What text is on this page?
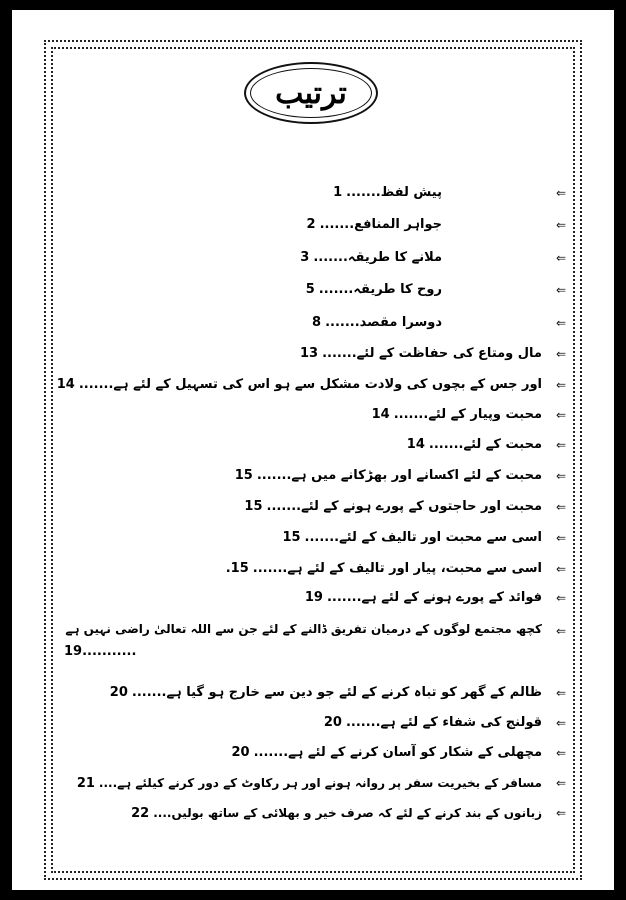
ترتیب
⇐
پیش لفظ.......1
⇐
جواہر المنافع.......2
⇐
ملانے کا طریقہ.......3
⇐
روح کا طریقہ.......5
⇐
دوسرا مقصد.......8
⇐
مال ومتاع کی حفاظت کے لئے.......13
⇐
اور جس کے بچوں کی ولادت مشکل سے ہو اس کی تسہیل کے لئے ہے.......14
⇐
محبت وپیار کے لئے.......14
⇐
محبت کے لئے.......14
⇐
محبت کے لئے اکسانے اور بھڑکانے میں ہے.......15
⇐
محبت اور حاجتوں کے پورے ہونے کے لئے.......15
⇐
اسی سے محبت اور تالیف کے لئے.......15
⇐
اسی سے محبت، پیار اور تالیف کے لئے ہے.......15.
⇐
فوائد کے پورے ہونے کے لئے ہے.......19
⇐
کچھ مجتمع لوگوں کے درمیان تفریق ڈالنے کے لئے جن سے اللہ تعالیٰ راضی نہیں ہے
19...........
⇐
ظالم کے گھر کو تباہ کرنے کے لئے جو دین سے خارج ہو گیا ہے.......20
⇐
قولنج کی شفاء کے لئے ہے.......20
⇐
مچھلی کے شکار کو آسان کرنے کے لئے ہے.......20
⇐
مسافر کے بخیریت سفر پر روانہ ہونے اور ہر رکاوٹ کے دور کرنے کیلئے ہے....21
⇐
زبانوں کے بند کرنے کے لئے کہ صرف خیر و بھلائی کے ساتھ بولیں....22
